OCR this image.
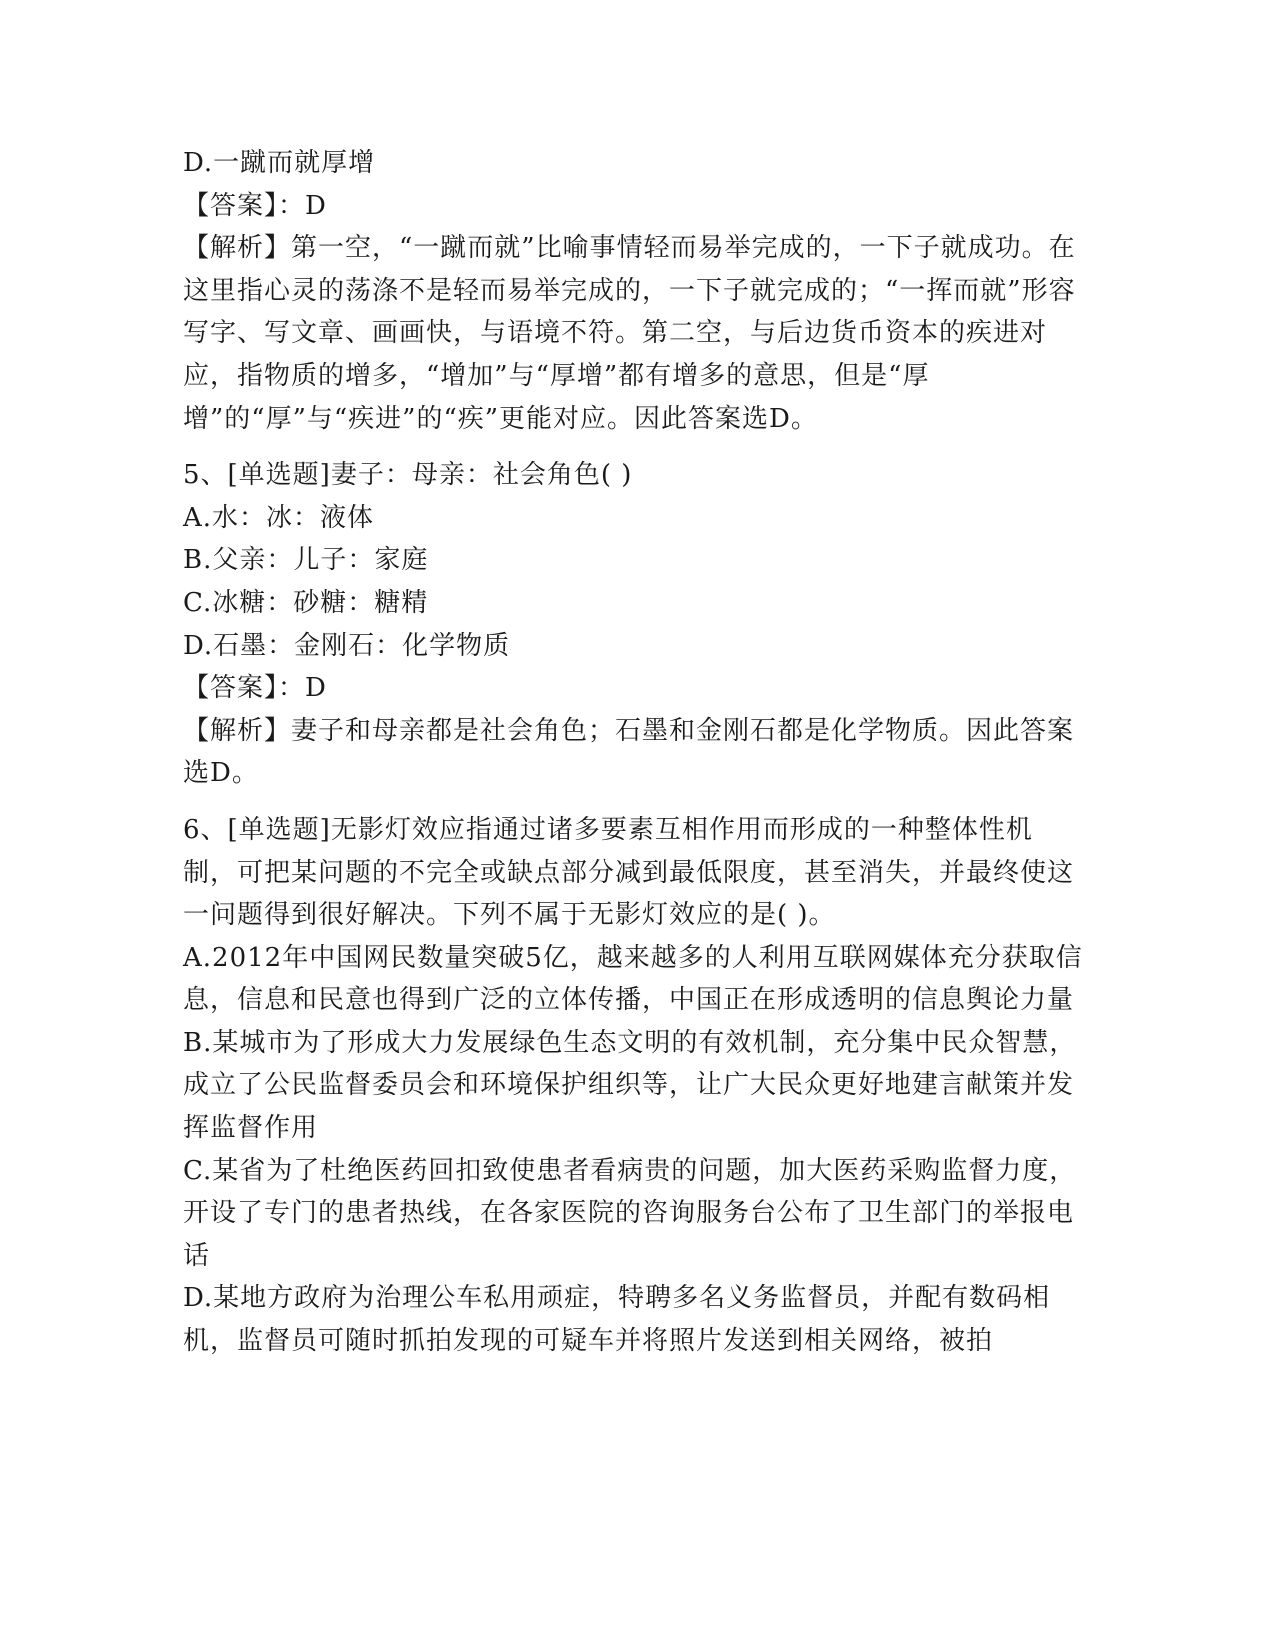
D.一蹴而就厚增

【答案】：D

【解析】第一空，“一蹴而就”比喻事情轻而易举完成的，一下子就成功。在这里指心灵的荡涤不是轻而易举完成的，一下子就完成的；“一挥而就”形容写字、写文章、画画快，与语境不符。第二空，与后边货币资本的疾进对应，指物质的增多，“增加”与“厚增”都有增多的意思，但是“厚增”的“厚”与“疾进”的“疾”更能对应。因此答案选D。

5、[单选题]妻子：母亲：社会角色( )

A.水：冰：液体

B.父亲：儿子：家庭

C.冰糖：砂糖：糖精

D.石墨：金刚石：化学物质

【答案】：D

【解析】妻子和母亲都是社会角色；石墨和金刚石都是化学物质。因此答案选D。

6、[单选题]无影灯效应指通过诸多要素互相作用而形成的一种整体性机制，可把某问题的不完全或缺点部分减到最低限度，甚至消失，并最终使这一问题得到很好解决。下列不属于无影灯效应的是( )。

A.2012年中国网民数量突破5亿，越来越多的人利用互联网媒体充分获取信息，信息和民意也得到广泛的立体传播，中国正在形成透明的信息舆论力量

B.某城市为了形成大力发展绿色生态文明的有效机制，充分集中民众智慧，成立了公民监督委员会和环境保护组织等，让广大民众更好地建言献策并发挥监督作用

C.某省为了杜绝医药回扣致使患者看病贵的问题，加大医药采购监督力度，开设了专门的患者热线，在各家医院的咨询服务台公布了卫生部门的举报电话

D.某地方政府为治理公车私用顽症，特聘多名义务监督员，并配有数码相机，监督员可随时抓拍发现的可疑车并将照片发送到相关网络，被拍
